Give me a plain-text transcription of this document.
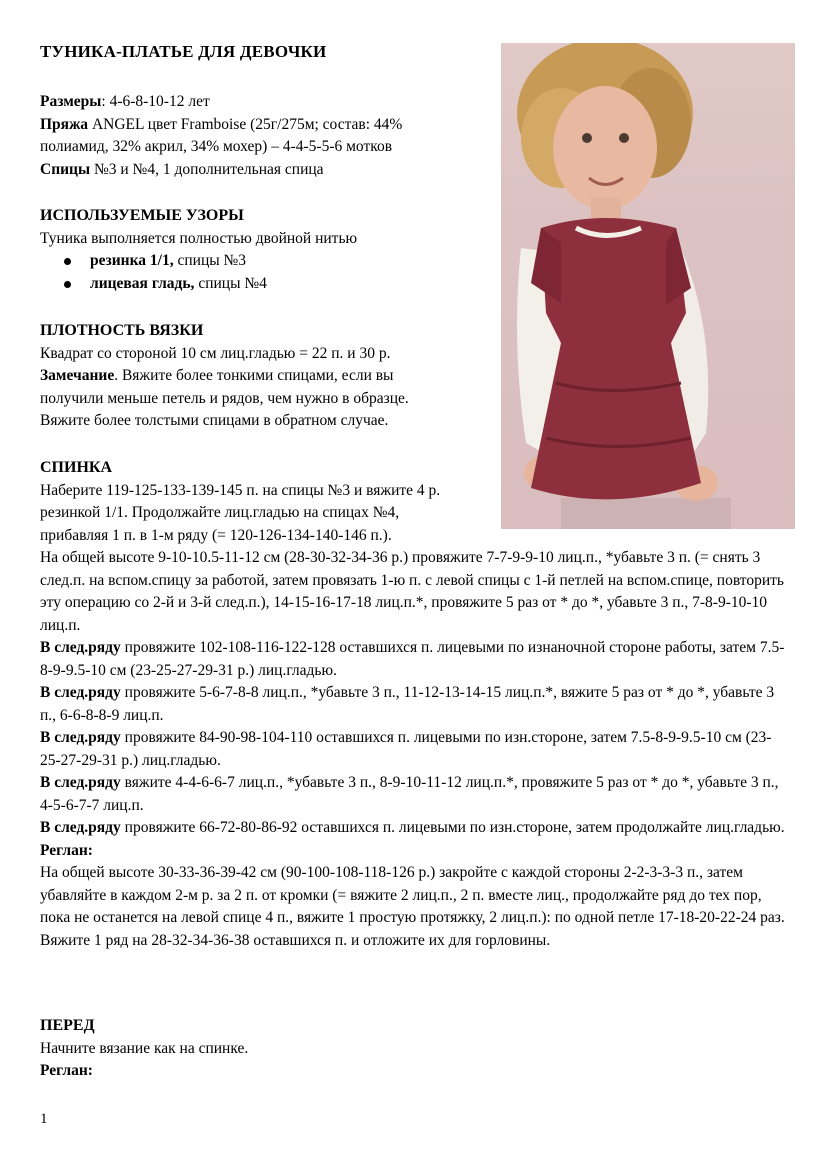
ТУНИКА-ПЛАТЬЕ ДЛЯ ДЕВОЧКИ

Размеры: 4-6-8-10-12 лет

Пряжа ANGEL цвет Framboise (25г/275м; состав: 44%

полиамид, 32% акрил, 34% мохер) – 4-4-5-5-6 мотков

Спицы №3 и №4, 1 дополнительная спица

ИСПОЛЬЗУЕМЫЕ УЗОРЫ

Туника выполняется полностью двойной нитью

резинка 1/1, спицы №3
лицевая гладь, спицы №4

ПЛОТНОСТЬ ВЯЗКИ

Квадрат со стороной 10 см лиц.гладью = 22 п. и 30 р.

Замечание. Вяжите более тонкими спицами, если вы

получили меньше петель и рядов, чем нужно в образце.

Вяжите более толстыми спицами в обратном случае.

СПИНКА

Наберите 119-125-133-139-145 п. на спицы №3 и вяжите 4 р.

резинкой 1/1. Продолжайте лиц.гладью на спицах №4,

прибавляя 1 п. в 1-м ряду (= 120-126-134-140-146 п.).

На общей высоте 9-10-10.5-11-12 см (28-30-32-34-36 р.) провяжите 7-7-9-9-10 лиц.п., *убавьте 3 п. (= снять 3 след.п. на вспом.спицу за работой, затем провязать 1-ю п. с левой спицы с 1-й петлей на вспом.спице, повторить эту операцию со 2-й и 3-й след.п.), 14-15-16-17-18 лиц.п.*, провяжите 5 раз от * до *, убавьте 3 п., 7-8-9-10-10 лиц.п.

В след.ряду провяжите 102-108-116-122-128 оставшихся п. лицевыми по изнаночной стороне работы, затем 7.5-8-9-9.5-10 см (23-25-27-29-31 р.) лиц.гладью.

В след.ряду провяжите 5-6-7-8-8 лиц.п., *убавьте 3 п., 11-12-13-14-15 лиц.п.*, вяжите 5 раз от * до *, убавьте 3 п., 6-6-8-8-9 лиц.п.

В след.ряду провяжите 84-90-98-104-110 оставшихся п. лицевыми по изн.стороне, затем 7.5-8-9-9.5-10 см (23-25-27-29-31 р.) лиц.гладью.

В след.ряду вяжите 4-4-6-6-7 лиц.п., *убавьте 3 п., 8-9-10-11-12 лиц.п.*, провяжите 5 раз от * до *, убавьте 3 п., 4-5-6-7-7 лиц.п.

В след.ряду провяжите 66-72-80-86-92 оставшихся п. лицевыми по изн.стороне, затем продолжайте лиц.гладью.

Реглан:

На общей высоте 30-33-36-39-42 см (90-100-108-118-126 р.) закройте с каждой стороны 2-2-3-3-3 п., затем убавляйте в каждом 2-м р. за 2 п. от кромки (= вяжите 2 лиц.п., 2 п. вместе лиц., продолжайте ряд до тех пор, пока не останется на левой спице 4 п., вяжите 1 простую протяжку, 2 лиц.п.): по одной петле 17-18-20-22-24 раз.

Вяжите 1 ряд на 28-32-34-36-38 оставшихся п. и отложите их для горловины.

ПЕРЕД

Начните вязание как на спинке.

Реглан:

1
